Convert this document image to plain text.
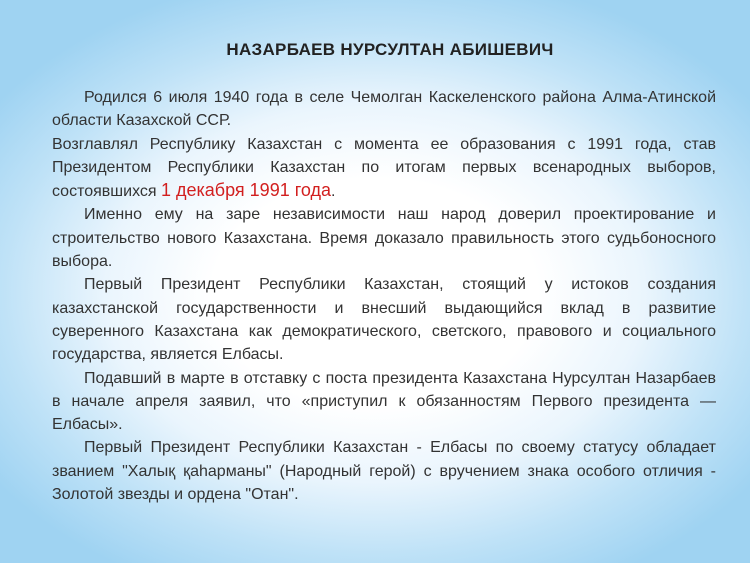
НАЗАРБАЕВ НУРСУЛТАН АБИШЕВИЧ

Родился 6 июля 1940 года в селе Чемолган Каскеленского района Алма-Атинской области Казахской ССР.

Возглавлял Республику Казахстан с момента ее образования с 1991 года, став Президентом Республики Казахстан по итогам первых всенародных выборов, состоявшихся 1 декабря 1991 года.

Именно ему на заре независимости наш народ доверил проектирование и строительство нового Казахстана. Время доказало правильность этого судьбоносного выбора.

Первый Президент Республики Казахстан, стоящий у истоков создания казахстанской государственности и внесший выдающийся вклад в развитие суверенного Казахстана как демократического, светского, правового и социального государства, является Елбасы.

Подавший в марте в отставку с поста президента Казахстана Нурсултан Назарбаев в начале апреля заявил, что «приступил к обязанностям Первого президента — Елбасы».

Первый Президент Республики Казахстан - Елбасы по своему статусу обладает званием "Халық қаһарманы" (Народный герой) с вручением знака особого отличия - Золотой звезды и ордена "Отан".
